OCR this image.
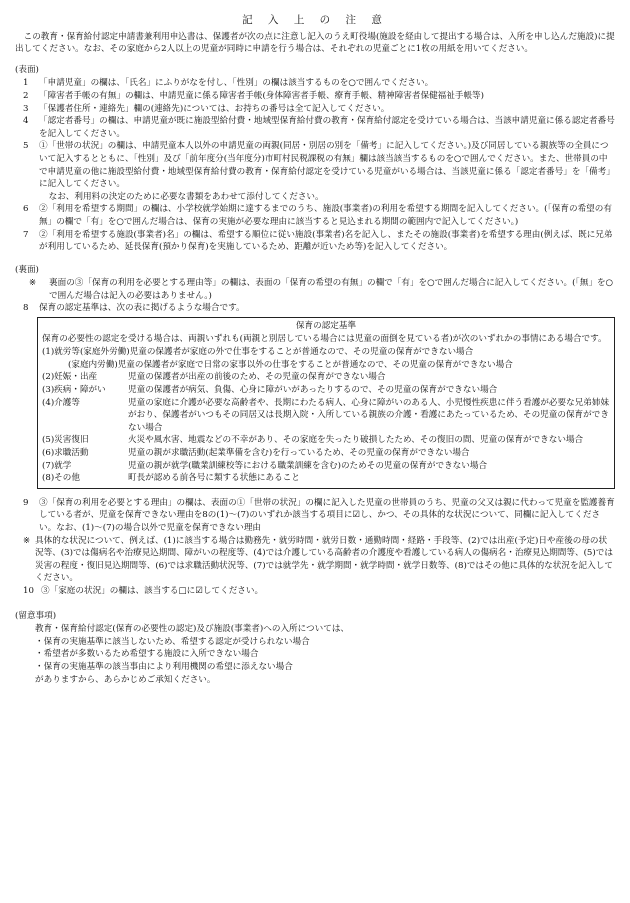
記 入 上 の 注 意
この教育・保育給付認定申請書兼利用申込書は、保護者が次の点に注意し記入のうえ町役場(施設を経由して提出する場合は、入所を申し込んだ施設)に提出してください。なお、その家庭から2人以上の児童が同時に申請を行う場合は、それぞれの児童ごとに1枚の用紙を用いてください。
(表面)
1	「申請児童」の欄は、「氏名」にふりがなを付し、「性別」の欄は該当するものを○で囲んでください。
2	「障害者手帳の有無」の欄は、申請児童に係る障害者手帳(身体障害者手帳、療育手帳、精神障害者保健福祉手帳等)
3	「保護者住所・連絡先」欄の(連絡先)については、お持ちの番号は全て記入してください。
4	「認定者番号」の欄は、申請児童が既に施設型給付費・地域型保育給付費の教育・保育給付認定を受けている場合は、当該申請児童に係る認定者番号を記入してください。
5	①「世帯の状況」の欄は、申請児童本人以外の申請児童の両親(同居・別居の別を「備考」に記入してください。)及び同居している親族等の全員について記入するとともに、「性別」及び「前年度分(当年度分)市町村民税課税の有無」欄は該当該当するものを○で囲んでください。また、世帯員の中で申請児童の他に施設型給付費・地域型保育給付費の教育・保育給付認定を受けている児童がいる場合は、当該児童に係る「認定者番号」を「備考」に記入してください。
なお、利用料の決定のために必要な書類をあわせて添付してください。
6	②「利用を希望する期間」の欄は、小学校就学始期に達するまでのうち、施設(事業者)の利用を希望する期間を記入してください。(「保育の希望の有無」の欄で「有」を○で囲んだ場合は、保育の実施が必要な理由に該当すると見込まれる期間の範囲内で記入してください。)
7	②「利用を希望する施設(事業者)名」の欄は、希望する順位に従い施設(事業者)名を記入し、またその施設(事業者)を希望する理由(例えば、既に兄弟が利用しているため、延長保育(預かり保育)を実施しているため、距離が近いため等)を記入してください。
(裏面)
※	裏面の③「保育の利用を必要とする理由等」の欄は、表面の「保育の希望の有無」の欄で「有」を○で囲んだ場合に記入してください。(「無」を○で囲んだ場合は記入の必要はありません。)
8	保育の認定基準は、次の表に掲げるような場合です。
保育の認定基準
保育の必要性の認定を受ける場合は、両親いずれも(両親と別居している場合には児童の面倒を見ている者)が次のいずれかの事情にある場合です。
(1)就労等(家庭外労働) 児童の保護者が家庭の外で仕事をすることが普通なので、その児童の保育ができない場合
(家庭内労働)児童の保護者が家庭で日常の家事以外の仕事をすることが普通なので、その児童の保育ができない場合
(2)妊娠・出産	児童の保護者が出産の前後のため、その児童の保育ができない場合
(3)疾病・障がい	児童の保護者が病気、負傷、心身に障がいがあったりするので、その児童の保育ができない場合
(4)介護等	児童の家庭に介護が必要な高齢者や、長期にわたる病人、心身に障がいのある人、小児慢性疾患に伴う看護が必要な兄弟姉妹がおり、保護者がいつもその同居又は長期入院・入所している親族の介護・看護にあたっているため、その児童の保育ができない場合
(5)災害復旧	火災や風水害、地震などの不幸があり、その家庭を失ったり破損したため、その復旧の間、児童の保育ができない場合
(6)求職活動	児童の親が求職活動(起業準備を含む)を行っているため、その児童の保育ができない場合
(7)就学	児童の親が就学(職業訓練校等における職業訓練を含む)のためその児童の保育ができない場合
(8)その他	町長が認める前各号に類する状態にあること
9	③「保育の利用を必要とする理由」の欄は、表面の①「世帯の状況」の欄に記入した児童の世帯員のうち、児童の父又は親に代わって児童を監護養育している者が、児童を保育できない理由を8の(1)～(7)のいずれか該当する項目に☑し、かつ、その具体的な状況について、同欄に記入してください。なお、(1)～(7)の場合以外で児童を保育できない理由
※ 具体的な状況について、例えば、(1)に該当する場合は勤務先・就労時間・就労日数・通勤時間・経路・手段等、(2)では出産(予定)日や産後の母の状況等、(3)では傷病名や治療見込期間、障がいの程度等、(4)では介護している高齢者の介護度や看護している病人の傷病名・治療見込期間等、(5)では災害の程度・復旧見込期間等、(6)では求職活動状況等、(7)では就学先・就学期間・就学時間・就学日数等、(8)ではその他に具体的な状況を記入してください。
10 ③「家庭の状況」の欄は、該当する□に☑してください。
(留意事項)
教育・保育給付認定(保育の必要性の認定)及び施設(事業者)への入所については、
・保育の実施基準に該当しないため、希望する認定が受けられない場合
・希望者が多数いるため希望する施設に入所できない場合
・保育の実施基準の該当事由により利用機関の希望に添えない場合
がありますから、あらかじめご承知ください。
